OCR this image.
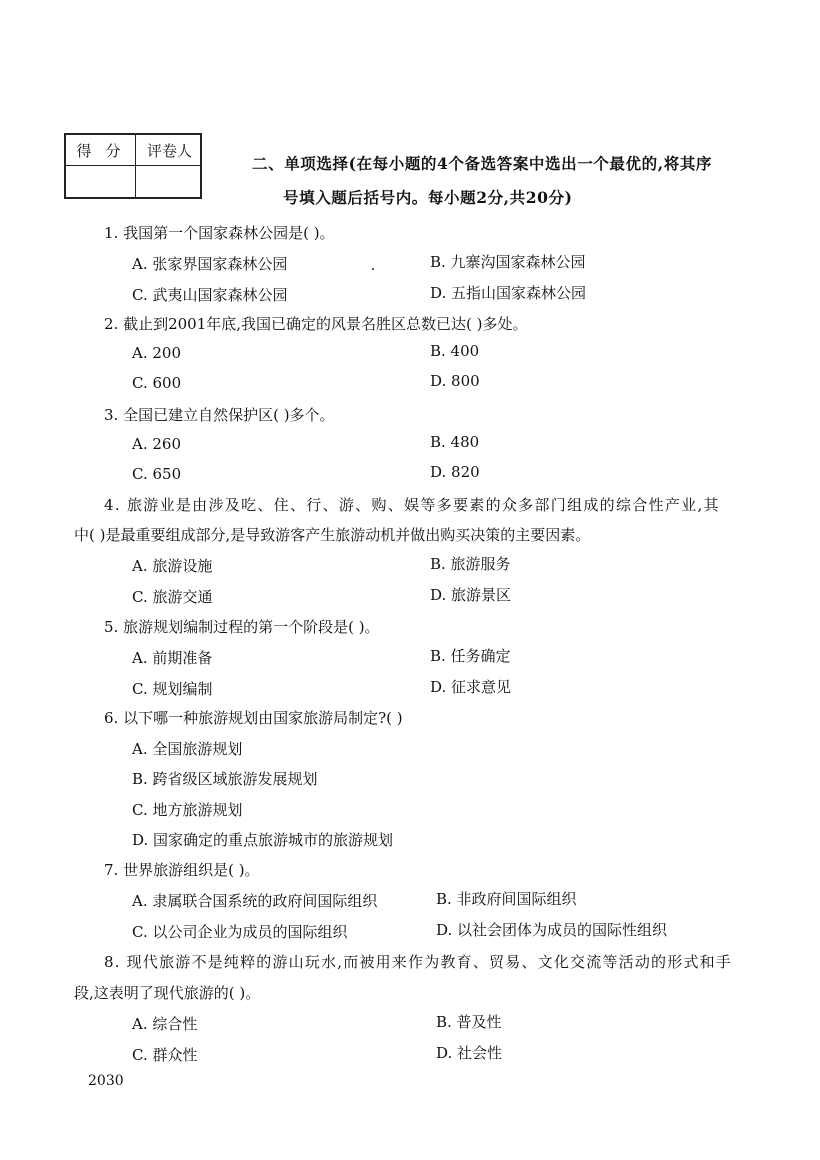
得分 评卷人
二、单项选择(在每小题的4个备选答案中选出一个最优的,将其序
号填入题后括号内。每小题2分,共20分)
1. 我国第一个国家森林公园是( )。
A. 张家界国家森林公园	B. 九寨沟国家森林公园
C. 武夷山国家森林公园	D. 五指山国家森林公园
2. 截止到2001年底,我国已确定的风景名胜区总数已达( )多处。
A. 200	B. 400
C. 600	D. 800
3. 全国已建立自然保护区( )多个。
A. 260	B. 480
C. 650	D. 820
4. 旅游业是由涉及吃、住、行、游、购、娱等多要素的众多部门组成的综合性产业,其
中( )是最重要组成部分,是导致游客产生旅游动机并做出购买决策的主要因素。
A. 旅游设施	B. 旅游服务
C. 旅游交通	D. 旅游景区
5. 旅游规划编制过程的第一个阶段是( )。
A. 前期准备	B. 任务确定
C. 规划编制	D. 征求意见
6. 以下哪一种旅游规划由国家旅游局制定?( )
A. 全国旅游规划
B. 跨省级区域旅游发展规划
C. 地方旅游规划
D. 国家确定的重点旅游城市的旅游规划
7. 世界旅游组织是( )。
A. 隶属联合国系统的政府间国际组织	B. 非政府间国际组织
C. 以公司企业为成员的国际组织	D. 以社会团体为成员的国际性组织
8. 现代旅游不是纯粹的游山玩水,而被用来作为教育、贸易、文化交流等活动的形式和手
段,这表明了现代旅游的( )。
A. 综合性	B. 普及性
C. 群众性	D. 社会性
2030
